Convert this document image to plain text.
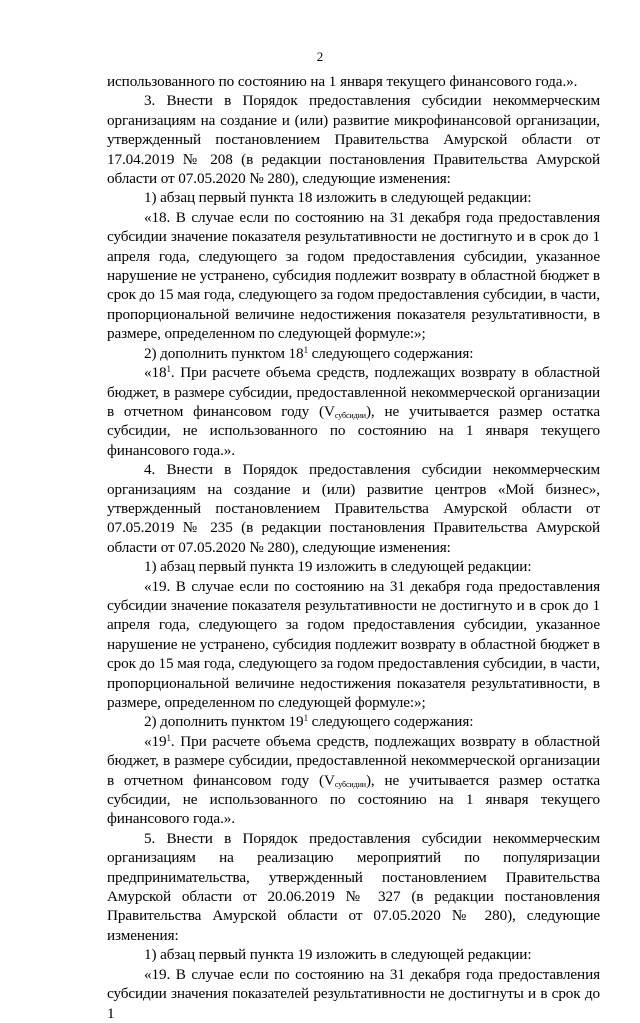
2

использованного по состоянию на 1 января текущего финансового года.».

3. Внести в Порядок предоставления субсидии некоммерческим организациям на создание и (или) развитие микрофинансовой организации, утвержденный постановлением Правительства Амурской области от 17.04.2019 № 208 (в редакции постановления Правительства Амурской области от 07.05.2020 № 280), следующие изменения:

1) абзац первый пункта 18 изложить в следующей редакции:

«18. В случае если по состоянию на 31 декабря года предоставления субсидии значение показателя результативности не достигнуто и в срок до 1 апреля года, следующего за годом предоставления субсидии, указанное нарушение не устранено, субсидия подлежит возврату в областной бюджет в срок до 15 мая года, следующего за годом предоставления субсидии, в части, пропорциональной величине недостижения показателя результативности, в размере, определенном по следующей формуле:»;

2) дополнить пунктом $18^1$ следующего содержания:

«$18^1$. При расчете объема средств, подлежащих возврату в областной бюджет, в размере субсидии, предоставленной некоммерческой организации в отчетном финансовом году $(V_{субсидии})$, не учитывается размер остатка субсидии, не использованного по состоянию на 1 января текущего финансового года.».

4. Внести в Порядок предоставления субсидии некоммерческим организациям на создание и (или) развитие центров «Мой бизнес», утвержденный постановлением Правительства Амурской области от 07.05.2019 № 235 (в редакции постановления Правительства Амурской области от 07.05.2020 № 280), следующие изменения:

1) абзац первый пункта 19 изложить в следующей редакции:

«19. В случае если по состоянию на 31 декабря года предоставления субсидии значение показателя результативности не достигнуто и в срок до 1 апреля года, следующего за годом предоставления субсидии, указанное нарушение не устранено, субсидия подлежит возврату в областной бюджет в срок до 15 мая года, следующего за годом предоставления субсидии, в части, пропорциональной величине недостижения показателя результативности, в размере, определенном по следующей формуле:»;

2) дополнить пунктом $19^1$ следующего содержания:

«$19^1$. При расчете объема средств, подлежащих возврату в областной бюджет, в размере субсидии, предоставленной некоммерческой организации в отчетном финансовом году $(V_{субсидии})$, не учитывается размер остатка субсидии, не использованного по состоянию на 1 января текущего финансового года.».

5. Внести в Порядок предоставления субсидии некоммерческим организациям на реализацию мероприятий по популяризации предпринимательства, утвержденный постановлением Правительства Амурской области от 20.06.2019 № 327 (в редакции постановления Правительства Амурской области от 07.05.2020 № 280), следующие изменения:

1) абзац первый пункта 19 изложить в следующей редакции:

«19. В случае если по состоянию на 31 декабря года предоставления субсидии значения показателей результативности не достигнуты и в срок до 1
